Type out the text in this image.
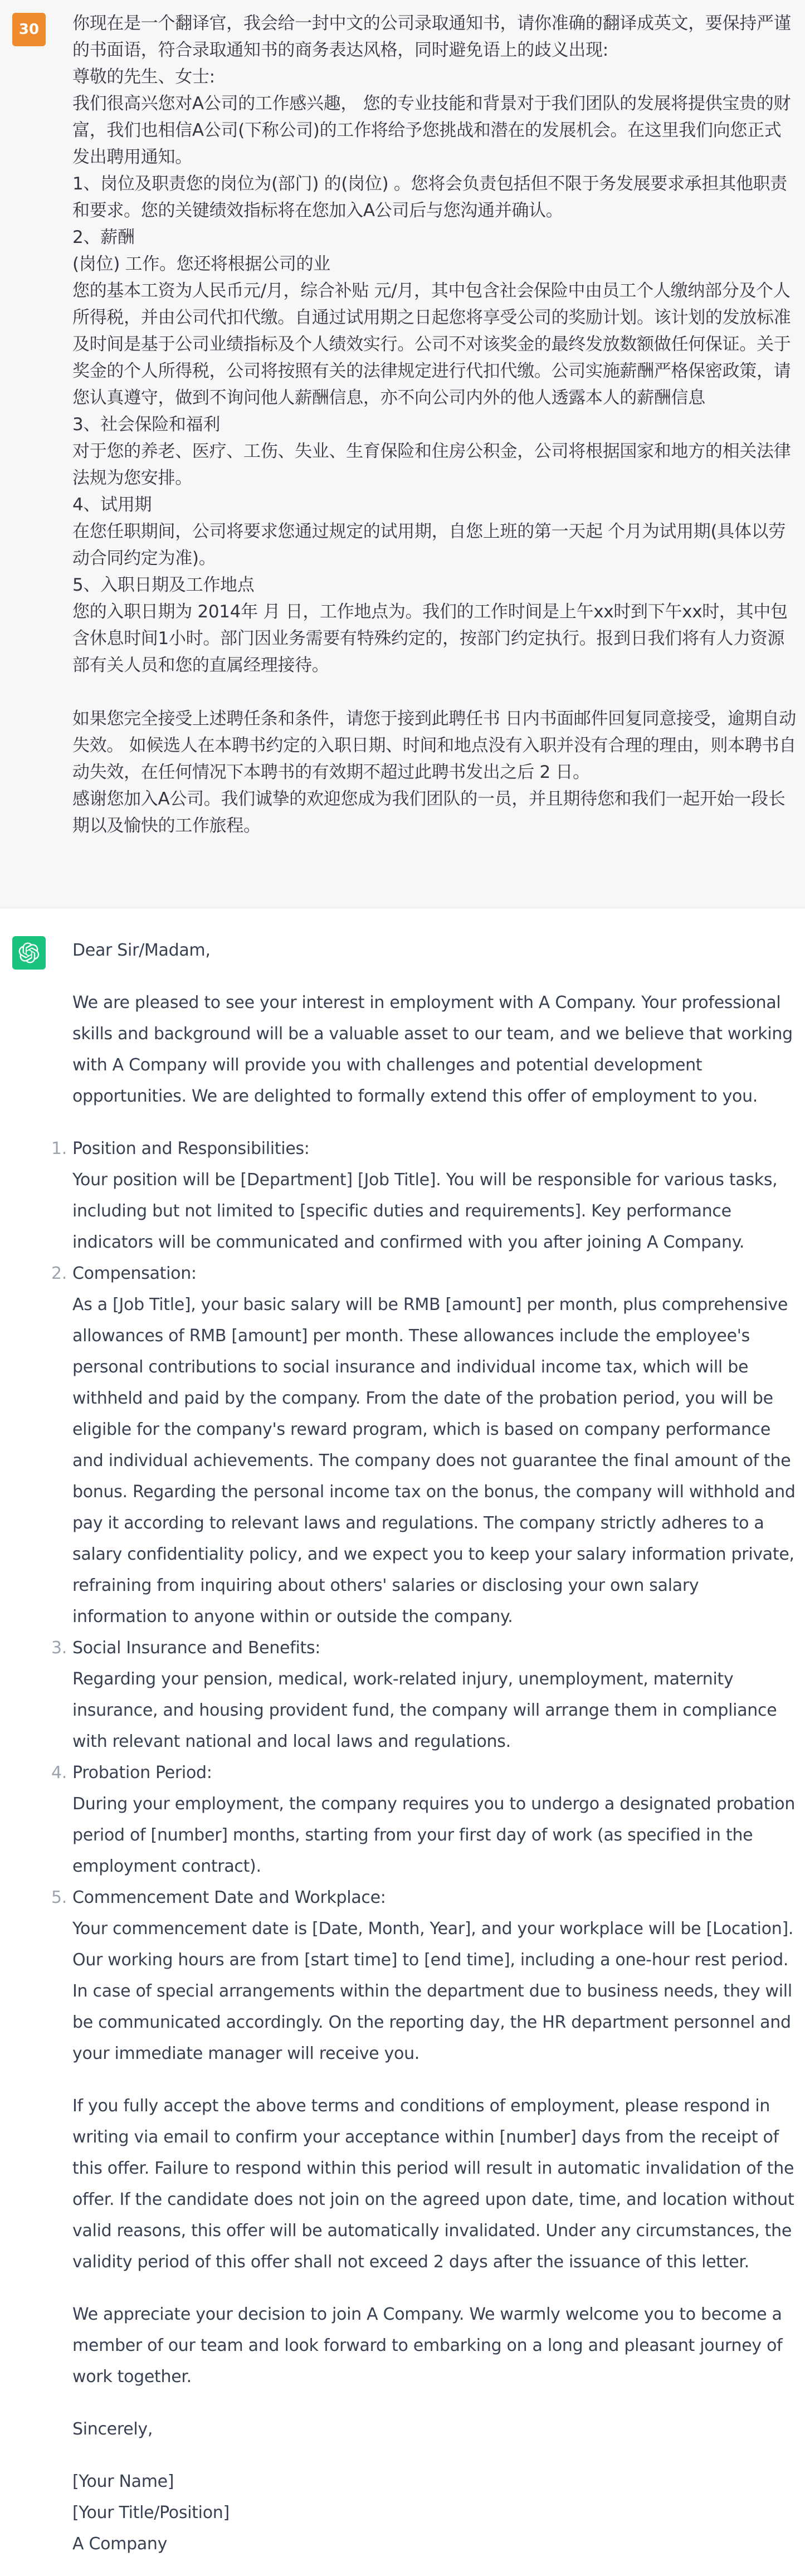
30 你现在是一个翻译官，我会给一封中文的公司录取通知书，请你准确的翻译成英文，要保持严谨的书面语，符合录取通知书的商务表达风格，同时避免语上的歧义出现:

尊敬的先生、女士:

我们很高兴您对A公司的工作感兴趣， 您的专业技能和背景对于我们团队的发展将提供宝贵的财富，我们也相信A公司(下称公司)的工作将给予您挑战和潜在的发展机会。在这里我们向您正式发出聘用通知。

1、岗位及职责您的岗位为(部门) 的(岗位) 。您将会负责包括但不限于务发展要求承担其他职责和要求。您的关键绩效指标将在您加入A公司后与您沟通并确认。

2、薪酬

(岗位) 工作。您还将根据公司的业

您的基本工资为人民币元/月，综合补贴 元/月，其中包含社会保险中由员工个人缴纳部分及个人所得税，并由公司代扣代缴。自通过试用期之日起您将享受公司的奖励计划。该计划的发放标准及时间是基于公司业绩指标及个人绩效实行。公司不对该奖金的最终发放数额做任何保证。关于奖金的个人所得税，公司将按照有关的法律规定进行代扣代缴。公司实施薪酬严格保密政策，请您认真遵守，做到不询问他人薪酬信息，亦不向公司内外的他人透露本人的薪酬信息

3、社会保险和福利

对于您的养老、医疗、工伤、失业、生育保险和住房公积金，公司将根据国家和地方的相关法律法规为您安排。

4、试用期

在您任职期间，公司将要求您通过规定的试用期，自您上班的第一天起 个月为试用期(具体以劳动合同约定为准)。

5、入职日期及工作地点

您的入职日期为 2014年 月 日，工作地点为。我们的工作时间是上午xx时到下午xx时，其中包含休息时间1小时。部门因业务需要有特殊约定的，按部门约定执行。报到日我们将有人力资源部有关人员和您的直属经理接待。

如果您完全接受上述聘任条和条件，请您于接到此聘任书 日内书面邮件回复同意接受，逾期自动失效。 如候选人在本聘书约定的入职日期、时间和地点没有入职并没有合理的理由，则本聘书自动失效，在任何情况下本聘书的有效期不超过此聘书发出之后 2 日。

感谢您加入A公司。我们诚挚的欢迎您成为我们团队的一员，并且期待您和我们一起开始一段长期以及愉快的工作旅程。

Dear Sir/Madam,

We are pleased to see your interest in employment with A Company. Your professional skills and background will be a valuable asset to our team, and we believe that working with A Company will provide you with challenges and potential development opportunities. We are delighted to formally extend this offer of employment to you.

1. Position and Responsibilities:

Your position will be [Department] [Job Title]. You will be responsible for various tasks, including but not limited to [specific duties and requirements]. Key performance indicators will be communicated and confirmed with you after joining A Company.

2. Compensation:

As a [Job Title], your basic salary will be RMB [amount] per month, plus comprehensive allowances of RMB [amount] per month. These allowances include the employee's personal contributions to social insurance and individual income tax, which will be withheld and paid by the company. From the date of the probation period, you will be eligible for the company's reward program, which is based on company performance and individual achievements. The company does not guarantee the final amount of the bonus. Regarding the personal income tax on the bonus, the company will withhold and pay it according to relevant laws and regulations. The company strictly adheres to a salary confidentiality policy, and we expect you to keep your salary information private, refraining from inquiring about others' salaries or disclosing your own salary information to anyone within or outside the company.

3. Social Insurance and Benefits:

Regarding your pension, medical, work-related injury, unemployment, maternity insurance, and housing provident fund, the company will arrange them in compliance with relevant national and local laws and regulations.

4. Probation Period:

During your employment, the company requires you to undergo a designated probation period of [number] months, starting from your first day of work (as specified in the employment contract).

5. Commencement Date and Workplace:

Your commencement date is [Date, Month, Year], and your workplace will be [Location]. Our working hours are from [start time] to [end time], including a one-hour rest period. In case of special arrangements within the department due to business needs, they will be communicated accordingly. On the reporting day, the HR department personnel and your immediate manager will receive you.

If you fully accept the above terms and conditions of employment, please respond in writing via email to confirm your acceptance within [number] days from the receipt of this offer. Failure to respond within this period will result in automatic invalidation of the offer. If the candidate does not join on the agreed upon date, time, and location without valid reasons, this offer will be automatically invalidated. Under any circumstances, the validity period of this offer shall not exceed 2 days after the issuance of this letter.

We appreciate your decision to join A Company. We warmly welcome you to become a member of our team and look forward to embarking on a long and pleasant journey of work together.

Sincerely,

[Your Name]

[Your Title/Position]

A Company
